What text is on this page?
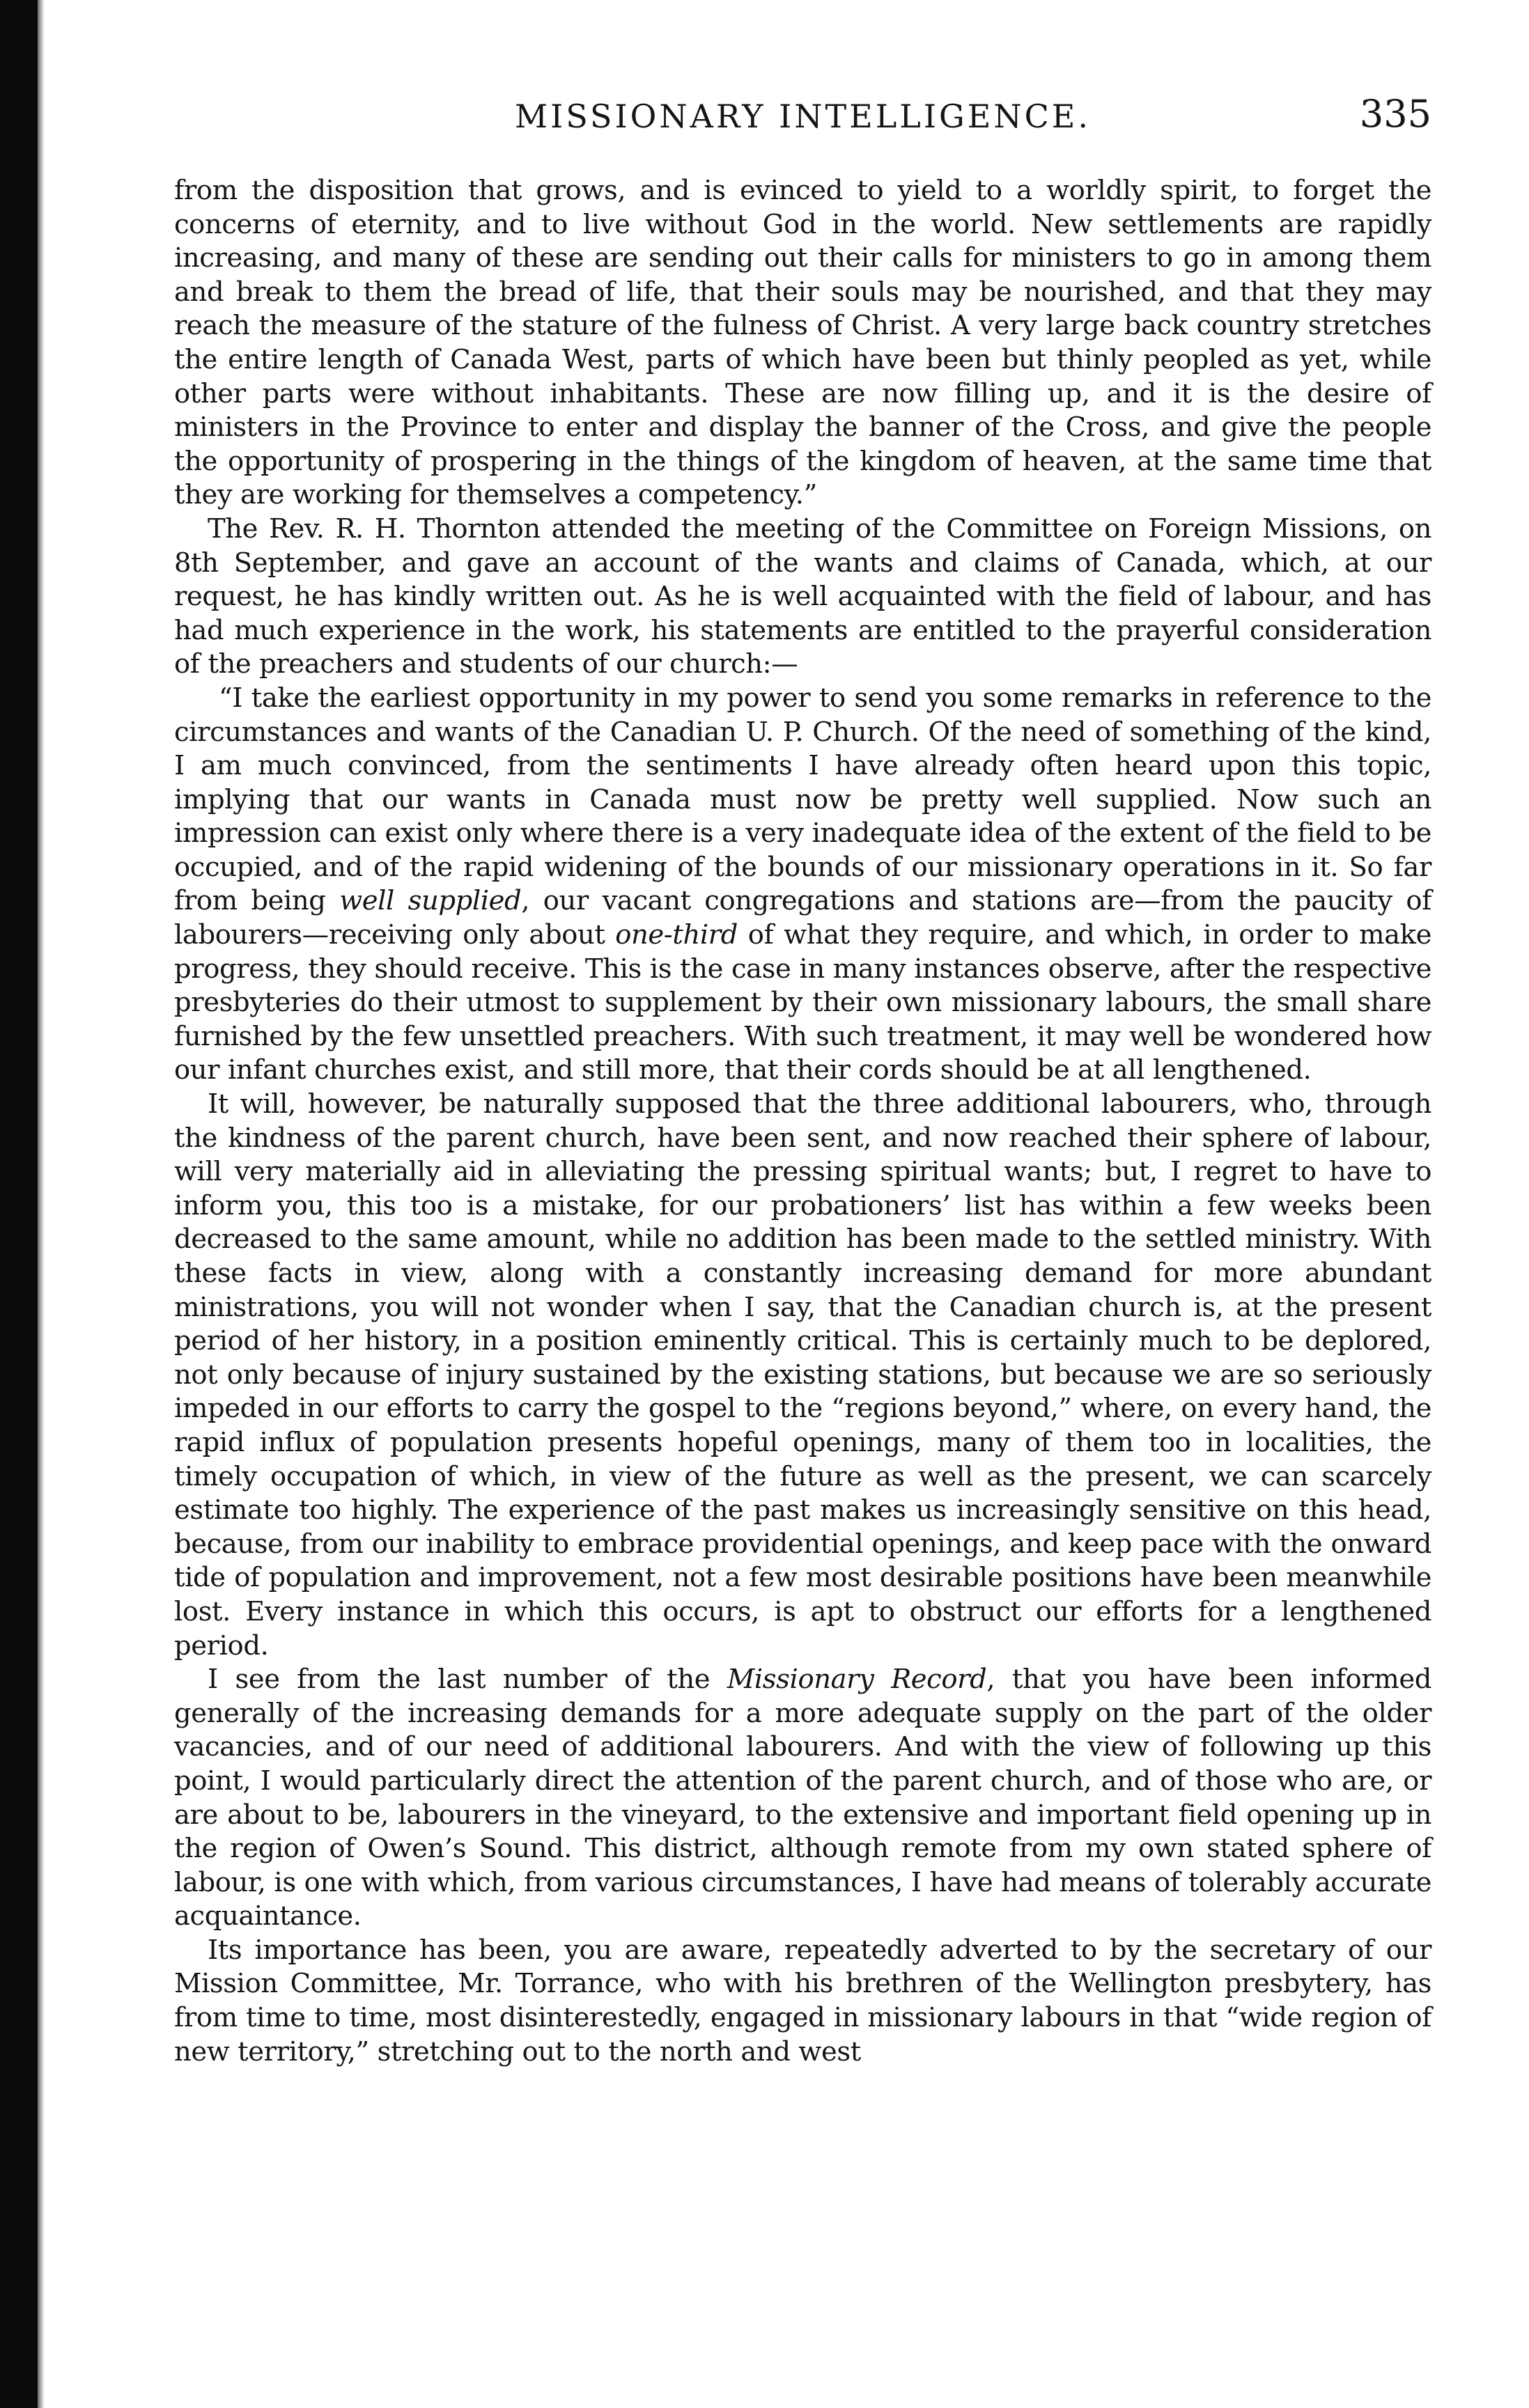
MISSIONARY INTELLIGENCE.	335

from the disposition that grows, and is evinced to yield to a worldly spirit, to forget the concerns of eternity, and to live without God in the world. New settlements are rapidly increasing, and many of these are sending out their calls for ministers to go in among them and break to them the bread of life, that their souls may be nourished, and that they may reach the measure of the stature of the fulness of Christ. A very large back country stretches the entire length of Canada West, parts of which have been but thinly peopled as yet, while other parts were without inhabitants. These are now filling up, and it is the desire of ministers in the Province to enter and display the banner of the Cross, and give the people the opportunity of prospering in the things of the kingdom of heaven, at the same time that they are working for themselves a competency.”

The Rev. R. H. Thornton attended the meeting of the Committee on Foreign Missions, on 8th September, and gave an account of the wants and claims of Canada, which, at our request, he has kindly written out. As he is well acquainted with the field of labour, and has had much experience in the work, his statements are entitled to the prayerful consideration of the preachers and students of our church:—

“I take the earliest opportunity in my power to send you some remarks in reference to the circumstances and wants of the Canadian U. P. Church. Of the need of something of the kind, I am much convinced, from the sentiments I have already often heard upon this topic, implying that our wants in Canada must now be pretty well supplied. Now such an impression can exist only where there is a very inadequate idea of the extent of the field to be occupied, and of the rapid widening of the bounds of our missionary operations in it. So far from being well supplied, our vacant congregations and stations are—from the paucity of labourers—receiving only about one-third of what they require, and which, in order to make progress, they should receive. This is the case in many instances observe, after the respective presbyteries do their utmost to supplement by their own missionary labours, the small share furnished by the few unsettled preachers. With such treatment, it may well be wondered how our infant churches exist, and still more, that their cords should be at all lengthened.

It will, however, be naturally supposed that the three additional labourers, who, through the kindness of the parent church, have been sent, and now reached their sphere of labour, will very materially aid in alleviating the pressing spiritual wants; but, I regret to have to inform you, this too is a mistake, for our probationers’ list has within a few weeks been decreased to the same amount, while no addition has been made to the settled ministry. With these facts in view, along with a constantly increasing demand for more abundant ministrations, you will not wonder when I say, that the Canadian church is, at the present period of her history, in a position eminently critical. This is certainly much to be deplored, not only because of injury sustained by the existing stations, but because we are so seriously impeded in our efforts to carry the gospel to the “regions beyond,” where, on every hand, the rapid influx of population presents hopeful openings, many of them too in localities, the timely occupation of which, in view of the future as well as the present, we can scarcely estimate too highly. The experience of the past makes us increasingly sensitive on this head, because, from our inability to embrace providential openings, and keep pace with the onward tide of population and improvement, not a few most desirable positions have been meanwhile lost. Every instance in which this occurs, is apt to obstruct our efforts for a lengthened period.

I see from the last number of the Missionary Record, that you have been informed generally of the increasing demands for a more adequate supply on the part of the older vacancies, and of our need of additional labourers. And with the view of following up this point, I would particularly direct the attention of the parent church, and of those who are, or are about to be, labourers in the vineyard, to the extensive and important field opening up in the region of Owen’s Sound. This district, although remote from my own stated sphere of labour, is one with which, from various circumstances, I have had means of tolerably accurate acquaintance.

Its importance has been, you are aware, repeatedly adverted to by the secretary of our Mission Committee, Mr. Torrance, who with his brethren of the Wellington presbytery, has from time to time, most disinterestedly, engaged in missionary labours in that “wide region of new territory,” stretching out to the north and west
